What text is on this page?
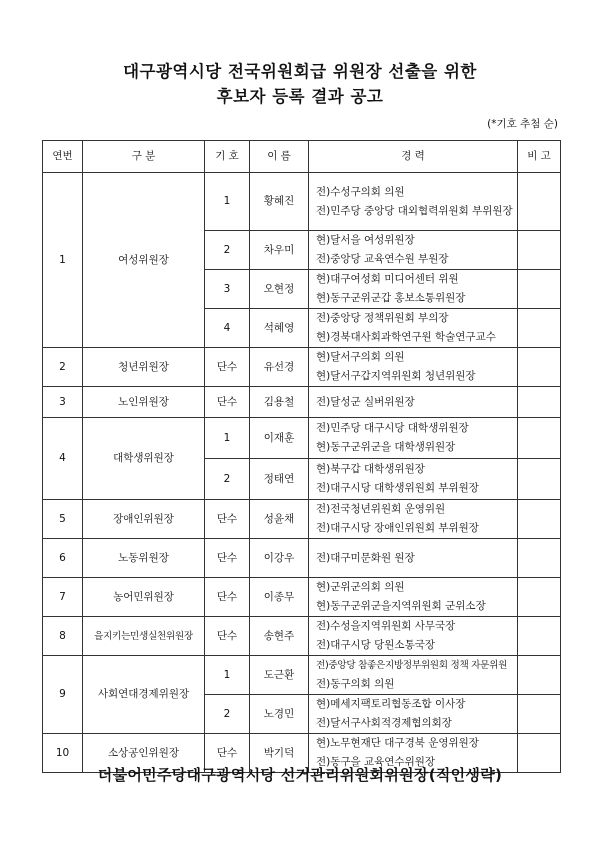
대구광역시당 전국위원회급 위원장 선출을 위한
후보자 등록 결과 공고
(*기호 추첨 순)
연번	구 분	기 호	이 름	경 력	비 고
1	여성위원장	1	황혜진	전)수성구의회 의원
전)민주당 중앙당 대외협력위원회 부위원장	

		2	차우미	현)달서을 여성위원장
전)중앙당 교육연수원 부원장	

		3	오현정	현)대구여성회 미디어센터 위원
현)동구군위군갑 홍보소통위원장	

		4	석혜영	전)중앙당 정책위원회 부의장
현)경북대사회과학연구원 학술연구교수	

2	청년위원장	단수	유선경	현)달서구의회 의원
현)달서구갑지역위원회 청년위원장	

3	노인위원장	단수	김용철	전)달성군 실버위원장	

4	대학생위원장	1	이재훈	전)민주당 대구시당 대학생위원장
현)동구군위군을 대학생위원장	

		2	정태연	현)북구갑 대학생위원장
전)대구시당 대학생위원회 부위원장	

5	장애인위원장	단수	성윤채	전)전국청년위원회 운영위원
전)대구시당 장애인위원회 부위원장	

6	노동위원장	단수	이강우	전)대구미문화원 원장	

7	농어민위원장	단수	이종무	현)군위군의회 의원
현)동구군위군을지역위원회 군위소장	

8	을지키는민생실천위원장	단수	송현주	전)수성을지역위원회 사무국장
전)대구시당 당원소통국장	

9	사회연대경제위원장	1	도근환	전)중앙당 참좋은지방정부위원회 정책 자문위원
전)동구의회 의원	

		2	노경민	현)메세지팩토리협동조합 이사장
전)달서구사회적경제협의회장	

10	소상공인위원장	단수	박기덕	현)노무현재단 대구경북 운영위원장
전)동구을 교육연수위원장	

더불어민주당대구광역시당 선거관리위원회위원장(직인생략)
